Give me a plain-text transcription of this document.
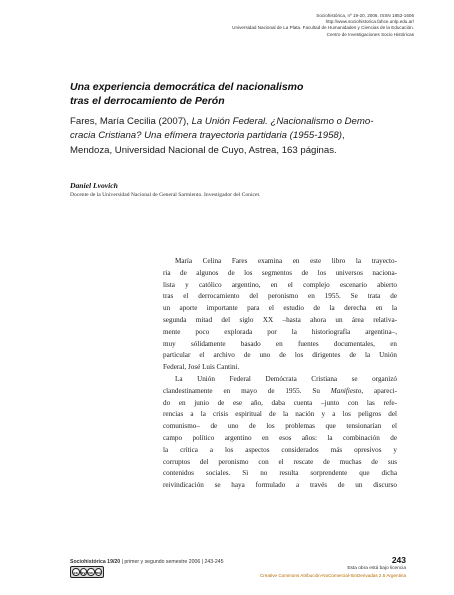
Sociohistórica, nº 19-20, 2006. ISSN 1852-1606
http://www.sociohistorica.fahce.unlp.edu.ar/
Universidad Nacional de La Plata. Facultad de Humanidades y Ciencias de la Educación.
Centro de Investigaciones Socio Históricas
Una experiencia democrática del nacionalismo
tras el derrocamiento de Perón
Fares, María Cecilia (2007), La Unión Federal. ¿Nacionalismo o Demo-
cracia Cristiana? Una efímera trayectoria partidaria (1955-1958),
Mendoza, Universidad Nacional de Cuyo, Astrea, 163 páginas.
Daniel Lvovich
Docente de la Universidad Nacional de General Sarmiento. Investigador del Conicet.
María Celina Fares examina en este libro la trayecto-
ria de algunos de los segmentos de los universos naciona-
lista y católico argentino, en el complejo escenario abierto
tras el derrocamiento del peronismo en 1955. Se trata de
un aporte importante para el estudio de la derecha en la
segunda mitad del siglo XX –hasta ahora un área relativa-
mente poco explorada por la historiografía argentina–,
muy sólidamente basado en fuentes documentales, en
particular el archivo de uno de los dirigentes de la Unión
Federal, José Luis Cantini.
La Unión Federal Demócrata Cristiana se organizó
clandestinamente en mayo de 1955. Su Manifiesto, apareci-
do en junio de ese año, daba cuenta –junto con las refe-
rencias a la crisis espiritual de la nación y a los peligros del
comunismo– de uno de los problemas que tensionarían el
campo político argentino en esos años: la combinación de
la crítica a los aspectos considerados más opresivos y
corruptos del peronismo con el rescate de muchas de sus
contenidos sociales. Si no resulta sorprendente que dicha
reivindicación se haya formulado a través de un discurso
Sociohistórica 19/20 | primer y segundo semestre 2006 | 243-245	243
cc by nc nd
Esta obra está bajo licencia
Creative Commons Atribución-NoComercial-SinDerivadas 2.5 Argentina
